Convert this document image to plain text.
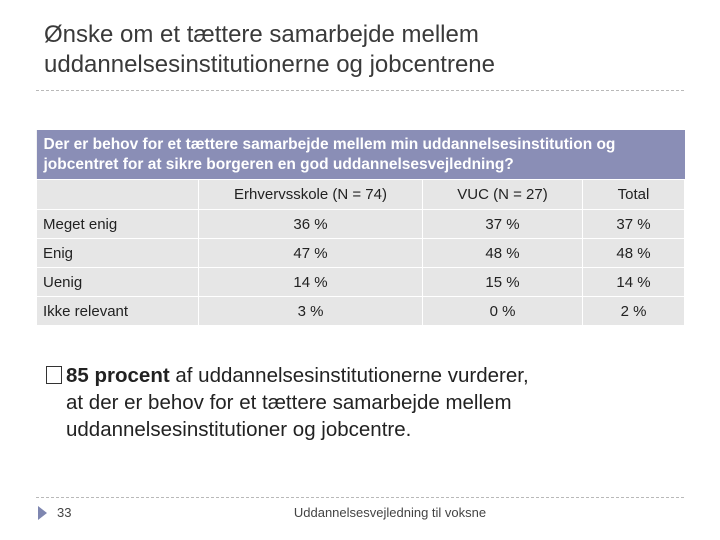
Ønske om et tættere samarbejde mellem uddannelsesinstitutionerne og jobcentrene
Der er behov for et tættere samarbejde mellem min uddannelsesinstitution og jobcentret for at sikre borgeren en god uddannelsesvejledning?			
	Erhvervsskole (N = 74)	VUC (N = 27)	Total
Meget enig	36 %	37 %	37 %
Enig	47 %	48 %	48 %
Uenig	14 %	15 %	14 %
Ikke relevant	3 %	0 %	2 %
85 procent af uddannelsesinstitutionerne vurderer,
at der er behov for et tættere samarbejde mellem
uddannelsesinstitutioner og jobcentre.
33	Uddannelsesvejledning til voksne
